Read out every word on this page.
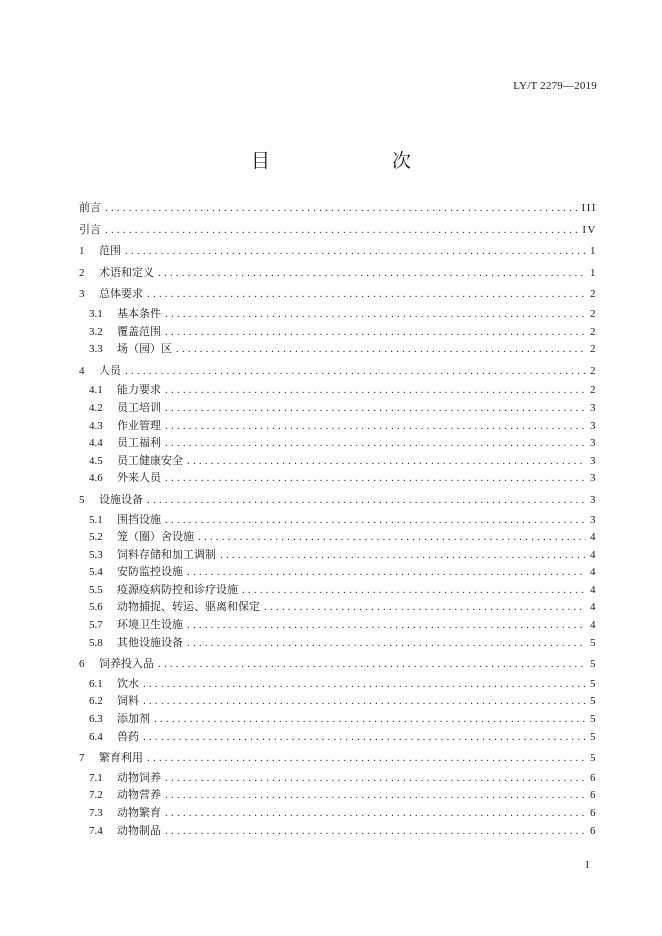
LY/T 2279—2019
目　　次
前言 .....	III
引言 .....	IV
1 范围 .....	1
2 术语和定义 .....	1
3 总体要求 .....	2
3.1 基本条件 .....	2
3.2 覆盖范围 .....	2
3.3 场（园）区 .....	2
4 人员 .....	2
4.1 能力要求 .....	2
4.2 员工培训 .....	3
4.3 作业管理 .....	3
4.4 员工福利 .....	3
4.5 员工健康安全 .....	3
4.6 外来人员 .....	3
5 设施设备 .....	3
5.1 围挡设施 .....	3
5.2 笼（圈）舍设施 .....	4
5.3 饲料存储和加工调制 .....	4
5.4 安防监控设施 .....	4
5.5 疫源疫病防控和诊疗设施 .....	4
5.6 动物捕捉、转运、驱离和保定 .....	4
5.7 环境卫生设施 .....	4
5.8 其他设施设备 .....	5
6 饲养投入品 .....	5
6.1 饮水 .....	5
6.2 饲料 .....	5
6.3 添加剂 .....	5
6.4 兽药 .....	5
7 繁育利用 .....	5
7.1 动物饲养 .....	6
7.2 动物营养 .....	6
7.3 动物繁育 .....	6
7.4 动物制品 .....	6
I
